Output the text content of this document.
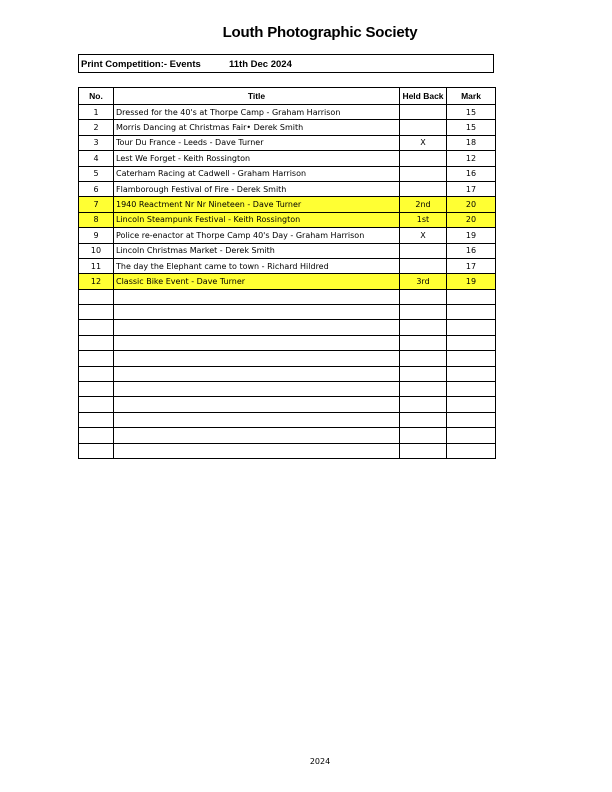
Louth Photographic Society
Print Competition:- Events	11th Dec 2024
No.	Title	Held Back	Mark
1	Dressed for the 40's at Thorpe Camp - Graham Harrison		15
2	Morris Dancing at Christmas Fair• Derek Smith		15
3	Tour Du France - Leeds - Dave Turner	X	18
4	Lest We Forget - Keith Rossington		12
5	Caterham Racing at Cadwell - Graham Harrison		16
6	Flamborough Festival of Fire - Derek Smith		17
7	1940 Reactment Nr Nr Nineteen - Dave Turner	2nd	20
8	Lincoln Steampunk Festival - Keith Rossington	1st	20
9	Police re-enactor at Thorpe Camp 40's Day - Graham Harrison	X	19
10	Lincoln Christmas Market - Derek Smith		16
11	The day the Elephant came to town - Richard Hildred		17
12	Classic Bike Event - Dave Turner	3rd	19

2024
